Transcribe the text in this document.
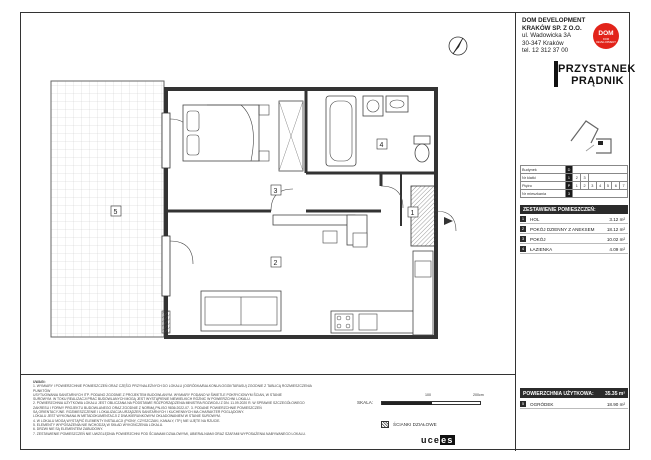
1
2
3
4
5
DOM DEVELOPMENT
KRAKÓW SP. Z O.O.
ul. Wadowicka 3A
30-347 Kraków
tel. 12 312 37 00
DOM
DOM DEVELOPMENT
PRZYSTANEK
PRĄDNIK
Budynek	D							
Nr klatki	1	2	3					
Piętro	P	1	2	3	4	5	6	7
Nr mieszkania	3							
ZESTAWIENIE POMIESZCZEŃ:
1	HOL	3.12 m²
2	POKÓJ DZIENNY Z ANEKSEM	18.12 m²
3	POKÓJ	10.02 m²
4	ŁAZIENKA	4.09 m²
POWIERZCHNIA UŻYTKOWA: 35.35 m²
5	OGRÓDEK	18.90 m²
UWAGI:
1. WYMIARY I POWIERZCHNIE POMIESZCZEŃ ORAZ CZĘŚCI PRZYNALEŻNYCH DO LOKALU (OGRÓDKA/BALKONU/LOGGII/TARASU) ZGODNIE Z TABLICĄ ROZMIESZCZENIA PUNKTÓW
USYTUOWANIA SANITARNYCH ITP. PODANO ZGODNIE Z PROJEKTEM BUDOWLANYM. WYMIARY PODANO W ŚWIETLE POKRYCIOWYM ŚCIAN, W STANIE
SUROWYM. W TOKU REALIZACJI PRAC BUDOWLANYCH MOGĄ JEST WYSTĄPIENIE NIEWIELKICH RÓŻNIC W POWIERZCHNI LOKALU.
2. POWIERZCHNIA UŻYTKOWA LOKALU JEST OBLICZANA NA PODSTAWIE ROZPORZĄDZENIA MINISTRA ROZWOJU Z DN. 11.09.2020 R. W SPRAWIE SZCZEGÓŁOWEGO
ZAKRESU I FORMY PROJEKTU BUDOWLANEGO ORAZ ZGODNIE Z NORMĄ PN-ISO 9836:2022-07. 3. PODANE POWIERZCHNIE POMIESZCZEŃ
SĄ ORIENTACYJNE. ROZMIESZCZENIE I LOKALIZACJA URZĄDZEŃ SANITARNYCH I KUCHENNYCH MA CHARAKTER POGLĄDOWY.
LOKALU JEST WYKONANA W METADOKUMENTACJI Z DWUKIERUNKOWYM OKŁADOWANIEM W STANIE SUROWYM.
4. W LOKALU MOGĄ WYSTĄPIĆ ELEMENTY INSTALACJI (PIONY, CZYSZCZAKI, KANAŁY, ITP.) NIE UJĘTE NA RZUCIE.
5. ELEMENTY WYPOSAŻENIA NIE WCHODZĄ W SKŁAD WYKOŃCZENIA LOKALU.
6. DRZWI NIE SĄ ELEMENTEM ZABUDOWY.
7. ZESTAWIENIE POMIESZCZEŃ NIE UWZGLĘDNIA POWIERZCHNI POD ŚCIANAMI DZIAŁOWYMI, UBIERALNIAMI ORAZ SZAFAMI WYPOSAŻENIA NABYWANEGO LOKALU.
SKALA:
100	200cm
ŚCIANKI DZIAŁOWE
ucees
